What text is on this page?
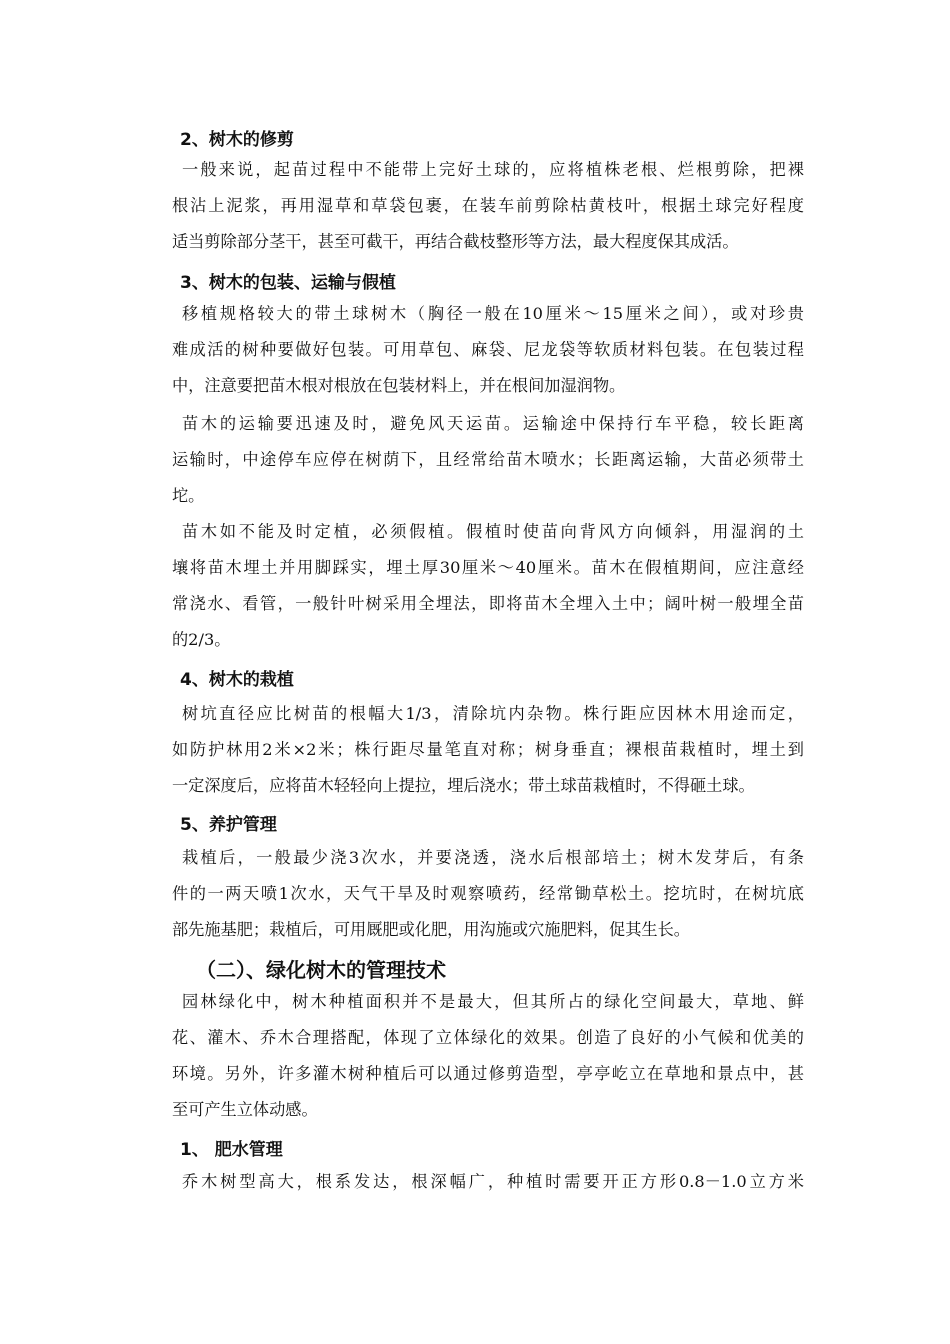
2、树木的修剪
一般来说，起苗过程中不能带上完好土球的，应将植株老根、烂根剪除，把裸
根沾上泥浆，再用湿草和草袋包裹，在装车前剪除枯黄枝叶，根据土球完好程度
适当剪除部分茎干，甚至可截干，再结合截枝整形等方法，最大程度保其成活。
3、树木的包装、运输与假植
移植规格较大的带土球树木（胸径一般在10厘米～15厘米之间），或对珍贵
难成活的树种要做好包装。可用草包、麻袋、尼龙袋等软质材料包装。在包装过程
中，注意要把苗木根对根放在包装材料上，并在根间加湿润物。
苗木的运输要迅速及时，避免风天运苗。运输途中保持行车平稳，较长距离
运输时，中途停车应停在树荫下，且经常给苗木喷水；长距离运输，大苗必须带土
坨。
苗木如不能及时定植，必须假植。假植时使苗向背风方向倾斜，用湿润的土
壤将苗木埋土并用脚踩实，埋土厚30厘米～40厘米。苗木在假植期间，应注意经
常浇水、看管，一般针叶树采用全埋法，即将苗木全埋入土中；阔叶树一般埋全苗
的2/3。
4、树木的栽植
树坑直径应比树苗的根幅大1/3，清除坑内杂物。株行距应因林木用途而定，
如防护林用2米×2米；株行距尽量笔直对称；树身垂直；裸根苗栽植时，埋土到
一定深度后，应将苗木轻轻向上提拉，埋后浇水；带土球苗栽植时，不得砸土球。
5、养护管理
栽植后，一般最少浇3次水，并要浇透，浇水后根部培土；树木发芽后，有条
件的一两天喷1次水，天气干旱及时观察喷药，经常锄草松土。挖坑时，在树坑底
部先施基肥；栽植后，可用厩肥或化肥，用沟施或穴施肥料，促其生长。
（二）、绿化树木的管理技术
园林绿化中，树木种植面积并不是最大，但其所占的绿化空间最大，草地、鲜
花、灌木、乔木合理搭配，体现了立体绿化的效果。创造了良好的小气候和优美的
环境。另外，许多灌木树种植后可以通过修剪造型，亭亭屹立在草地和景点中，甚
至可产生立体动感。
1、 肥水管理
乔木树型高大，根系发达，根深幅广，种植时需要开正方形0.8－1.0立方米
